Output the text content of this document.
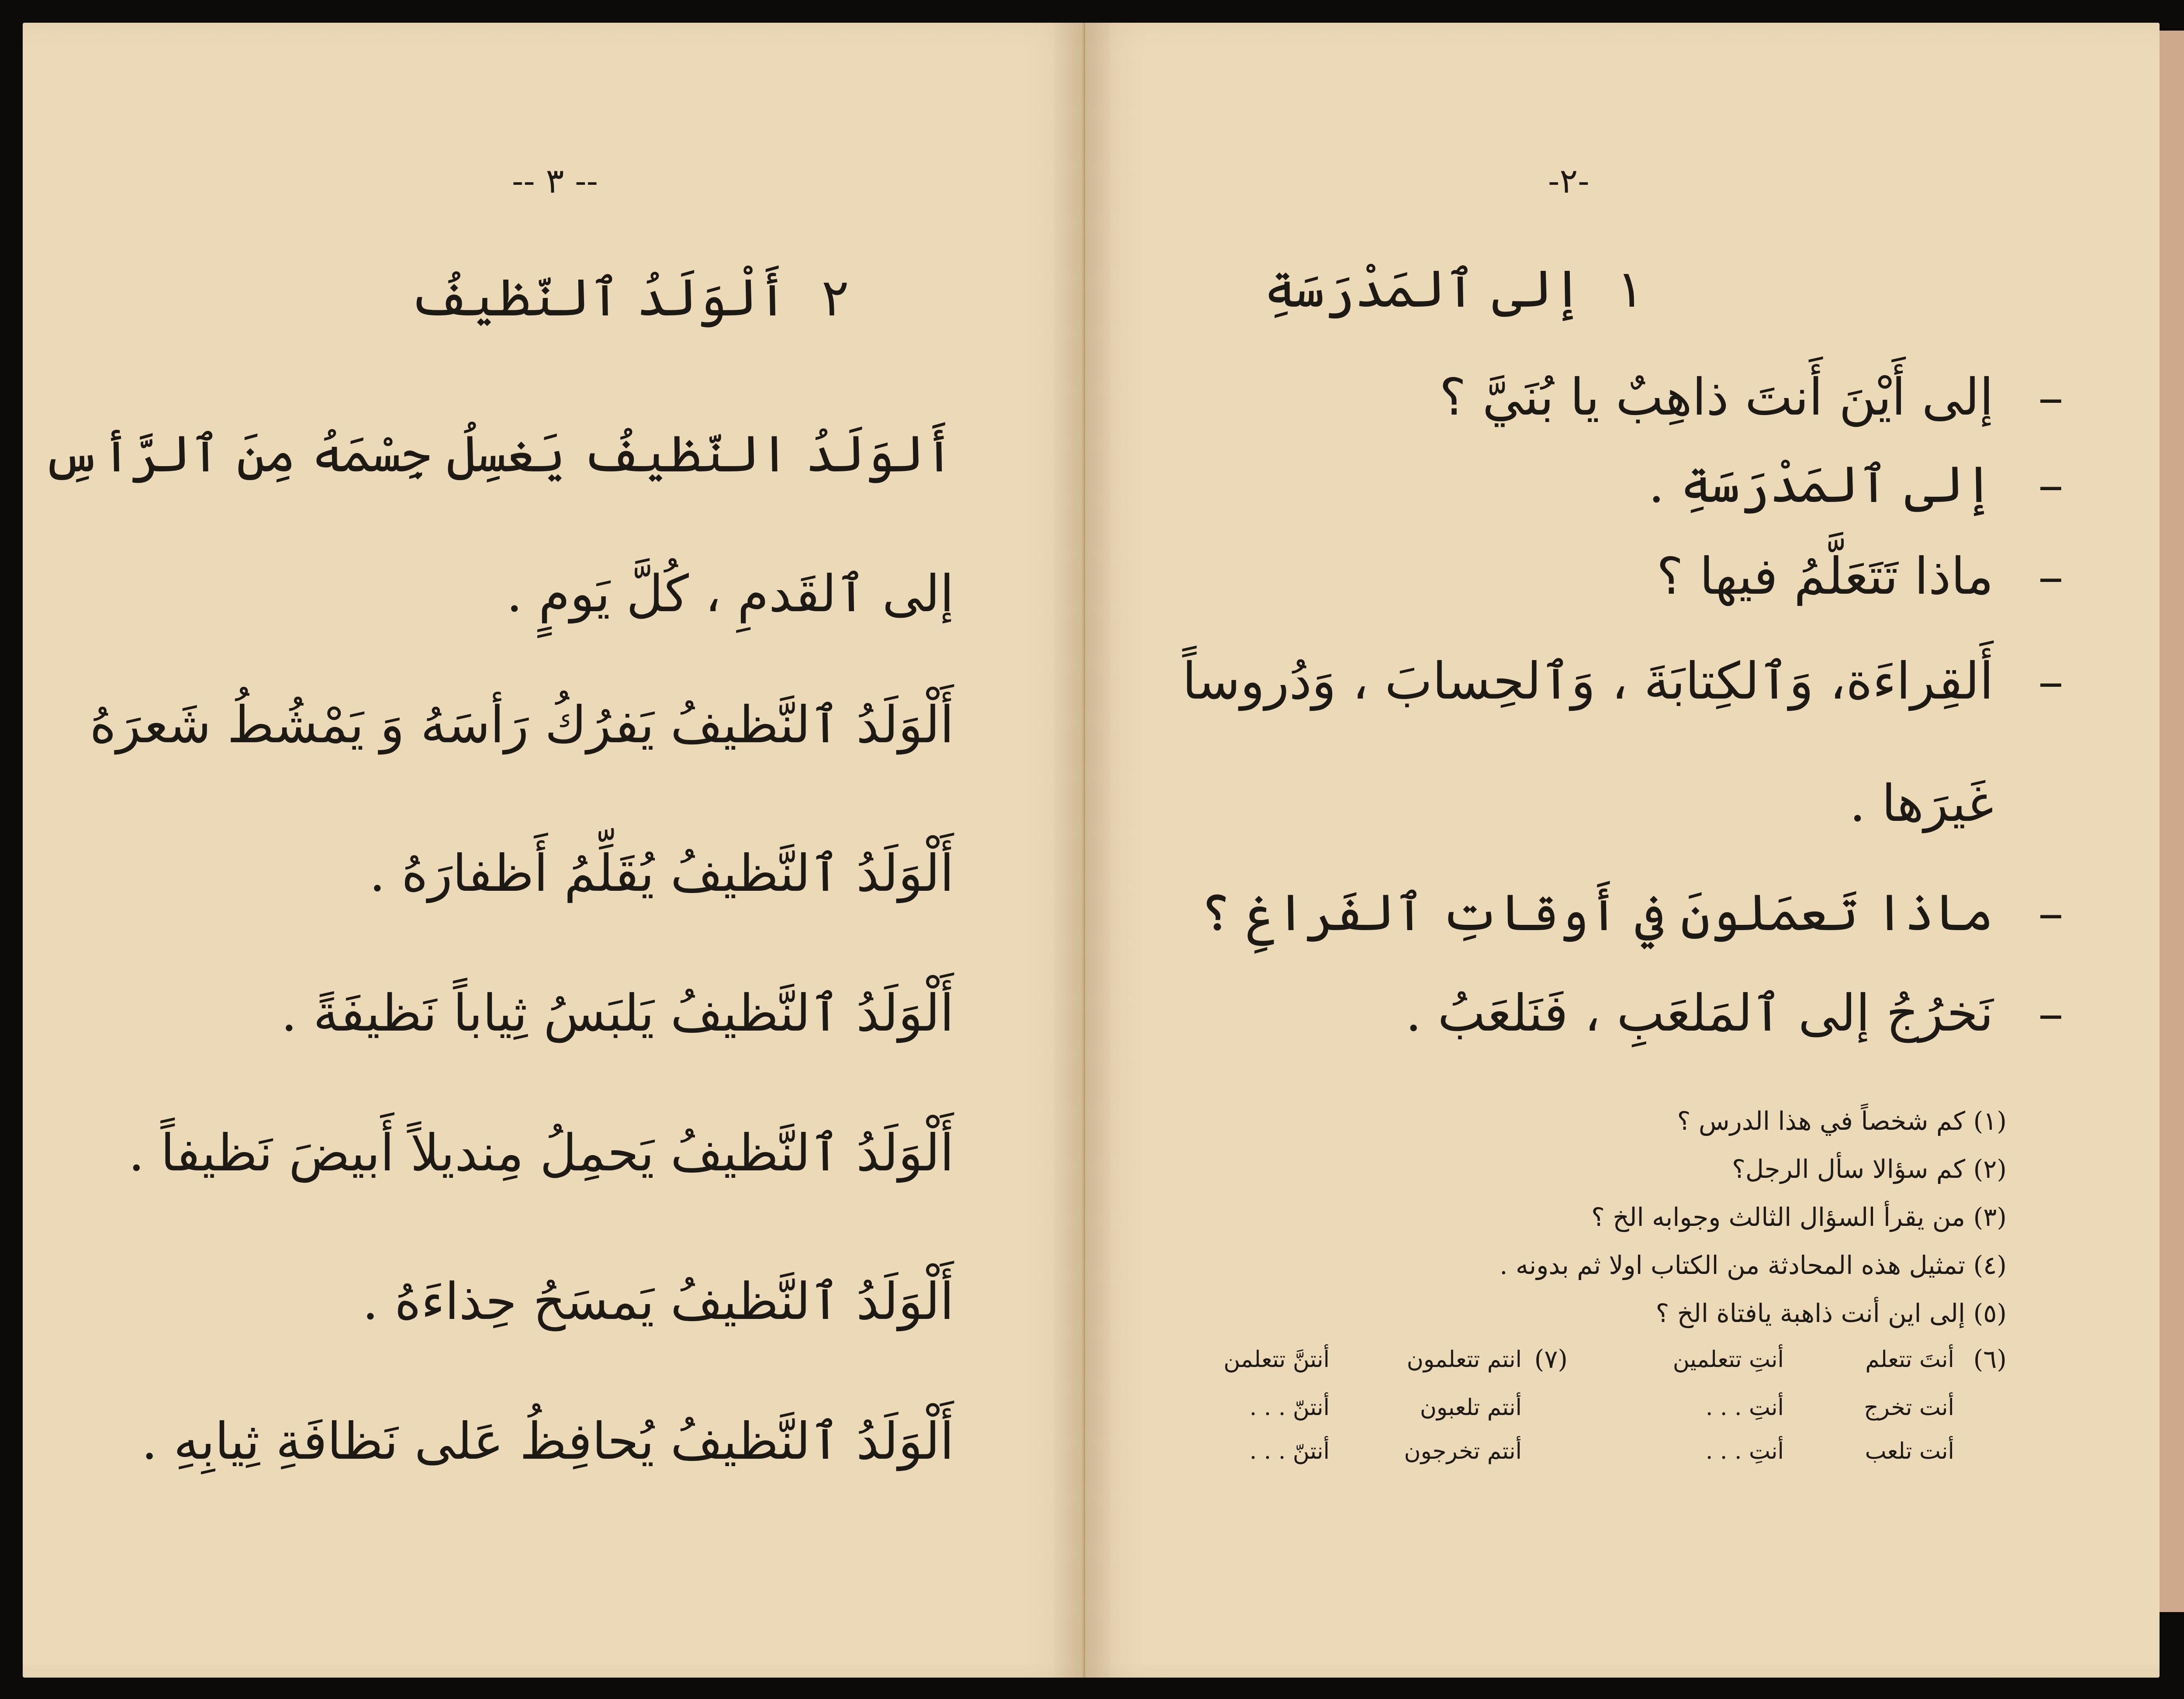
-- ٣ --
٢ أَلْوَلَدُ ٱلنّظيفُ
أَلوَلَدُ النّظيفُ يَغسِلُ جِسْمَهُ مِنَ ٱلرَّأسِ
إلى ٱلقَدمِ ، كُلَّ يَومٍ .
أَلْوَلَدُ ٱلنَّظيفُ يَفرُكُ رَأسَهُ وَ يَمْشُطُ شَعرَهُ
أَلْوَلَدُ ٱلنَّظيفُ يُقَلِّمُ أَظفارَهُ .
أَلْوَلَدُ ٱلنَّظيفُ يَلبَسُ ثِياباً نَظيفَةً .
أَلْوَلَدُ ٱلنَّظيفُ يَحمِلُ مِنديلاً أَبيضَ نَظيفاً .
أَلْوَلَدُ ٱلنَّظيفُ يَمسَحُ حِذاءَهُ .
أَلْوَلَدُ ٱلنَّظيفُ يُحافِظُ عَلى نَظافَةِ ثِيابِهِ .
-٢-
١ إلى ٱلمَدْرَسَةِ
إلى أَيْنَ أَنتَ ذاهِبٌ يا بُنَيَّ ؟ –
إلى ٱلمَدْرَسَةِ . –
ماذا تَتَعَلَّمُ فيها ؟ –
أَلقِراءَة، وَٱلكِتابَةَ ، وَٱلحِسابَ ، وَدُروساً –
غَيرَها .
ماذا تَعمَلونَ في أَوقاتِ ٱلفَراغِ ؟ –
نَخرُجُ إلى ٱلمَلعَبِ ، فَنَلعَبُ . –
(١) كم شخصاً في هذا الدرس ؟
(٢) كم سؤالا سأل الرجل؟
(٣) من يقرأ السؤال الثالث وجوابه الخ ؟
(٤) تمثيل هذه المحادثة من الكتاب اولا ثم بدونه .
(٥) إلى اين أنت ذاهبة يافتاة الخ ؟
(٦)
(٧)	أنتَ تتعلم
أنتِ تتعلمين
انتم تتعلمون
أنتنَّ تتعلمن
أنت تخرج
أنتِ . . .
أنتم تلعبون
أنتنّ . . .
أنت تلعب
أنتِ . . .
أنتم تخرجون
أنتنّ . . .
